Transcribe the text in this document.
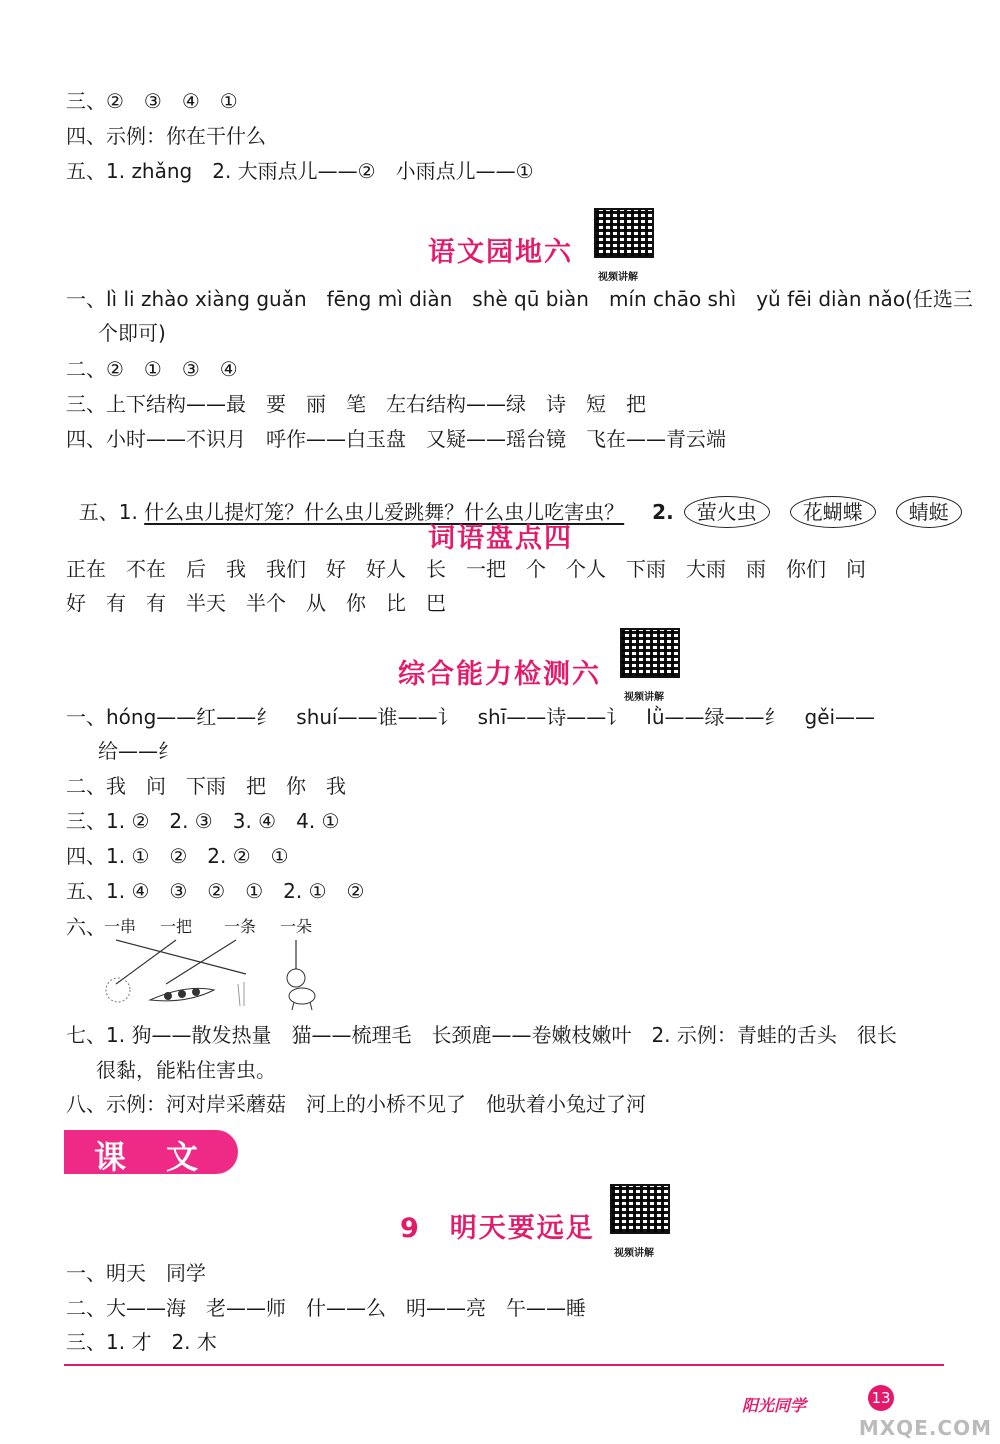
三、②　③　④　①
四、示例：你在干什么
五、1. zhǎng　2. 大雨点儿——②　小雨点儿——①
语文园地六
视频讲解
一、lì li zhào xiàng guǎn　fēng mì diàn　shè qū biàn　mín chāo shì　yǔ fēi diàn nǎo(任选三
个即可)
二、②　①　③　④
三、上下结构——最　要　丽　笔　左右结构——绿　诗　短　把
四、小时——不识月　呼作——白玉盘　又疑——瑶台镜　飞在——青云端

五、1. 什么虫儿提灯笼？什么虫儿爱跳舞？什么虫儿吃害虫？ 2. 萤火虫 花蝴蝶 蜻蜓

词语盘点四
正在　不在　后　我　我们　好　好人　长　一把　个　个人　下雨　大雨　雨　你们　问
好　有　有　半天　半个　从　你　比　巴
综合能力检测六
视频讲解
一、hóng——红——纟　shuí——谁——讠　shī——诗——讠　lǜ——绿——纟　gěi——
给——纟
二、我　问　下雨　把　你　我
三、1. ②　2. ③　3. ④　4. ①
四、1. ①　②　2. ②　①
五、1. ④　③　②　①　2. ①　②
六、
一串 一把 一条 一朵
七、1. 狗——散发热量　猫——梳理毛　长颈鹿——卷嫩枝嫩叶　2. 示例：青蛙的舌头　很长
很黏，能粘住害虫。
八、示例：河对岸采蘑菇　河上的小桥不见了　他驮着小兔过了河
课文
9　明天要远足
视频讲解
一、明天　同学
二、大——海　老——师　什——么　明——亮　午——睡
三、1. 才　2. 木
阳光同学	13
MXQE.COM
